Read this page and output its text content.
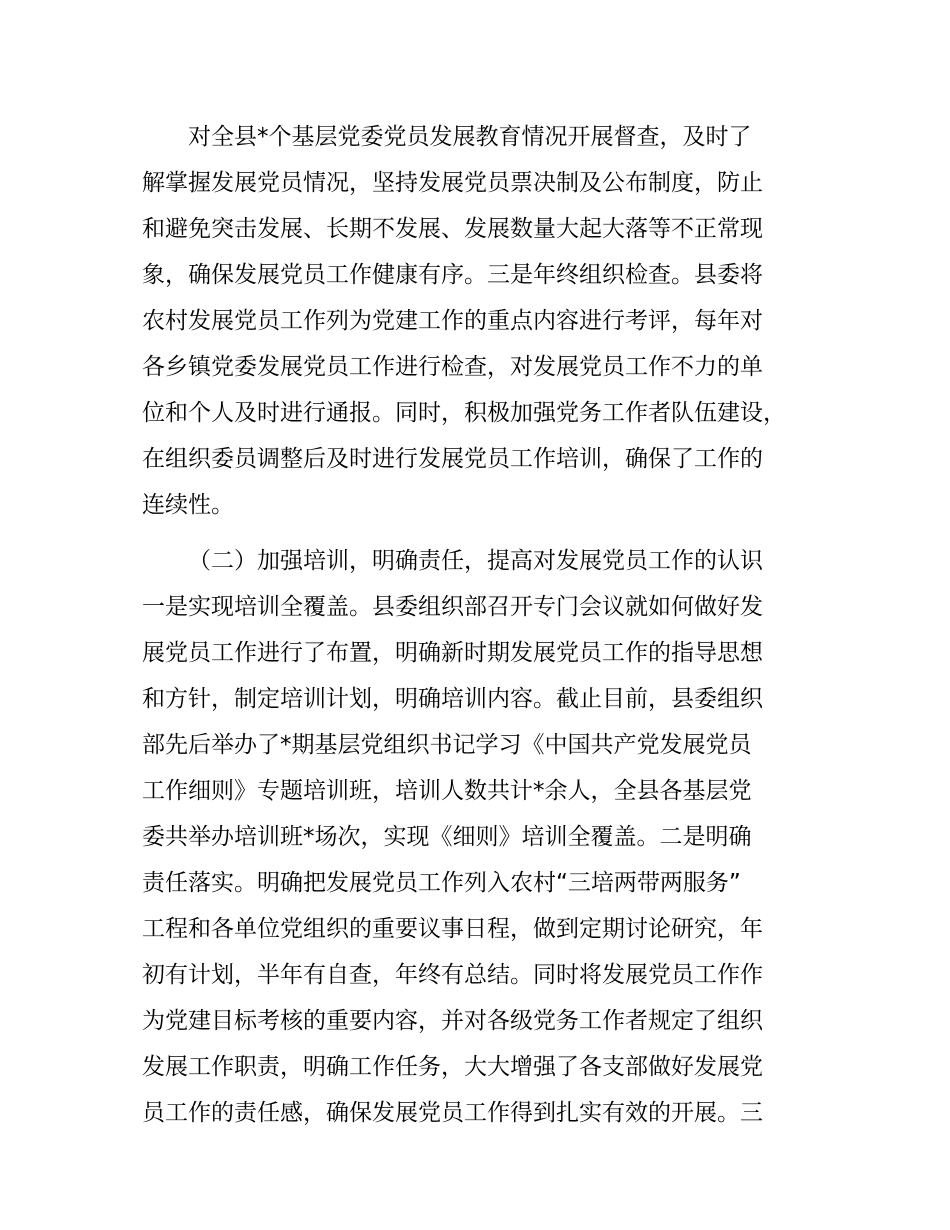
对全县*个基层党委党员发展教育情况开展督查，及时了
解掌握发展党员情况，坚持发展党员票决制及公布制度，防止
和避免突击发展、长期不发展、发展数量大起大落等不正常现
象，确保发展党员工作健康有序。三是年终组织检查。县委将
农村发展党员工作列为党建工作的重点内容进行考评，每年对
各乡镇党委发展党员工作进行检查，对发展党员工作不力的单
位和个人及时进行通报。同时，积极加强党务工作者队伍建设，
在组织委员调整后及时进行发展党员工作培训，确保了工作的
连续性。
（二）加强培训，明确责任，提高对发展党员工作的认识
一是实现培训全覆盖。县委组织部召开专门会议就如何做好发
展党员工作进行了布置，明确新时期发展党员工作的指导思想
和方针，制定培训计划，明确培训内容。截止目前，县委组织
部先后举办了*期基层党组织书记学习《中国共产党发展党员
工作细则》专题培训班，培训人数共计*余人，全县各基层党
委共举办培训班*场次，实现《细则》培训全覆盖。二是明确
责任落实。明确把发展党员工作列入农村“三培两带两服务”
工程和各单位党组织的重要议事日程，做到定期讨论研究，年
初有计划，半年有自查，年终有总结。同时将发展党员工作作
为党建目标考核的重要内容，并对各级党务工作者规定了组织
发展工作职责，明确工作任务，大大增强了各支部做好发展党
员工作的责任感，确保发展党员工作得到扎实有效的开展。三
